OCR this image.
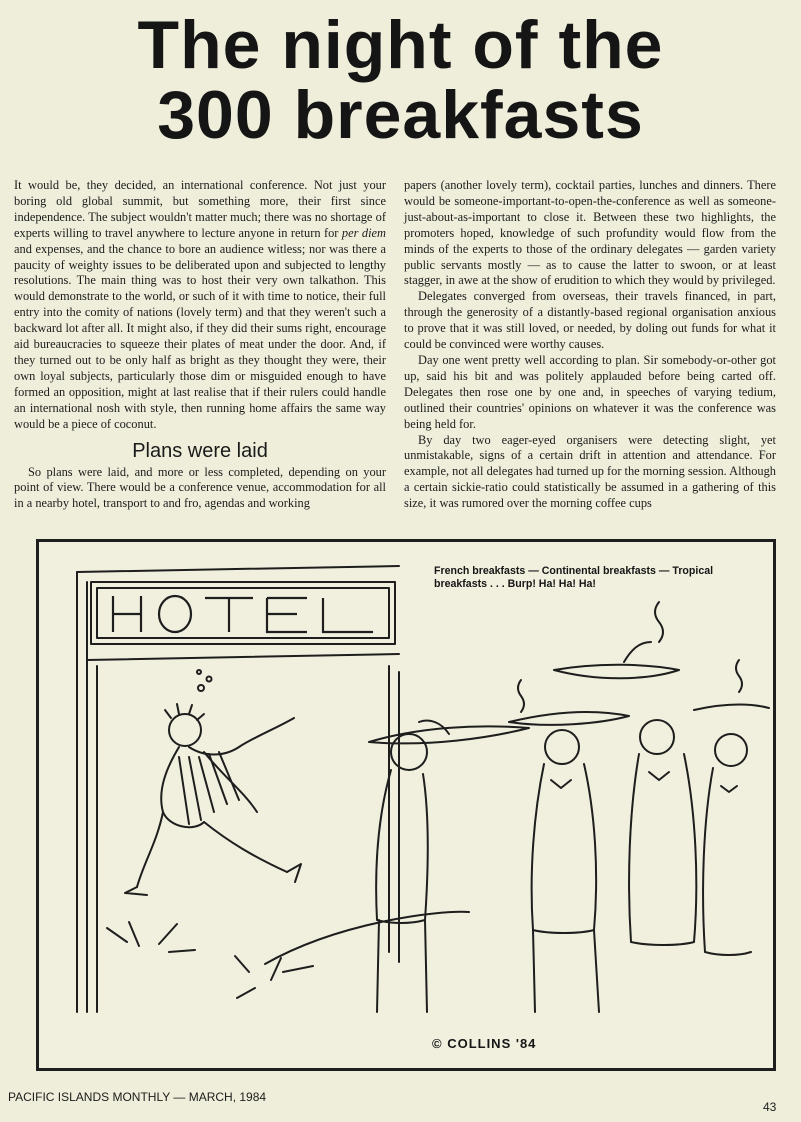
The night of the
300 breakfasts

It would be, they decided, an international conference. Not just your boring old global summit, but something more, their first since independence. The subject wouldn't matter much; there was no shortage of experts willing to travel anywhere to lecture anyone in return for per diem and expenses, and the chance to bore an audience witless; nor was there a paucity of weighty issues to be deliberated upon and subjected to lengthy resolutions. The main thing was to host their very own talkathon. This would demonstrate to the world, or such of it with time to notice, their full entry into the comity of nations (lovely term) and that they weren't such a backward lot after all. It might also, if they did their sums right, encourage aid bureaucracies to squeeze their plates of meat under the door. And, if they turned out to be only half as bright as they thought they were, their own loyal subjects, particularly those dim or misguided enough to have formed an opposition, might at last realise that if their rulers could handle an international nosh with style, then running home affairs the same way would be a piece of coconut.

Plans were laid

So plans were laid, and more or less completed, depending on your point of view. There would be a conference venue, accommodation for all in a nearby hotel, transport to and fro, agendas and working

papers (another lovely term), cocktail parties, lunches and dinners. There would be someone-important-to-open-the-conference as well as someone-just-about-as-important to close it. Between these two highlights, the promoters hoped, knowledge of such profundity would flow from the minds of the experts to those of the ordinary delegates — garden variety public servants mostly — as to cause the latter to swoon, or at least stagger, in awe at the show of erudition to which they would by privileged.

Delegates converged from overseas, their travels financed, in part, through the generosity of a distantly-based regional organisation anxious to prove that it was still loved, or needed, by doling out funds for what it could be convinced were worthy causes.

Day one went pretty well according to plan. Sir somebody-or-other got up, said his bit and was politely applauded before being carted off. Delegates then rose one by one and, in speeches of varying tedium, outlined their countries' opinions on whatever it was the conference was being held for.

By day two eager-eyed organisers were detecting slight, yet unmistakable, signs of a certain drift in attention and attendance. For example, not all delegates had turned up for the morning session. Although a certain sickie-ratio could statistically be assumed in a gathering of this size, it was rumored over the morning coffee cups

French breakfasts — Continental breakfasts — Tropical breakfasts . . . Burp! Ha! Ha! Ha!
© COLLINS '84
PACIFIC ISLANDS MONTHLY — MARCH, 1984
43
